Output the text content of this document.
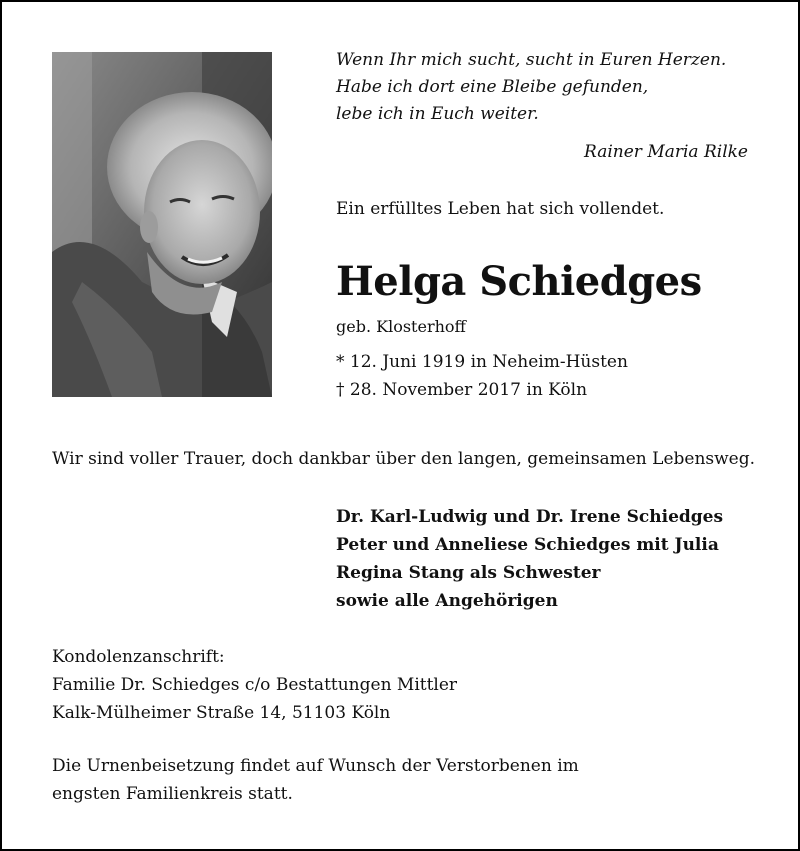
Wenn Ihr mich sucht, sucht in Euren Herzen.
Habe ich dort eine Bleibe gefunden,
lebe ich in Euch weiter.
Rainer Maria Rilke
Ein erfülltes Leben hat sich vollendet.
Helga Schiedges
geb. Klosterhoff
* 12. Juni 1919 in Neheim-Hüsten
† 28. November 2017 in Köln
Wir sind voller Trauer, doch dankbar über den langen, gemeinsamen Lebensweg.
Dr. Karl-Ludwig und Dr. Irene Schiedges
Peter und Anneliese Schiedges mit Julia
Regina Stang als Schwester
sowie alle Angehörigen
Kondolenzanschrift:
Familie Dr. Schiedges c/o Bestattungen Mittler
Kalk-Mülheimer Straße 14, 51103 Köln
Die Urnenbeisetzung findet auf Wunsch der Verstorbenen im
engsten Familienkreis statt.
